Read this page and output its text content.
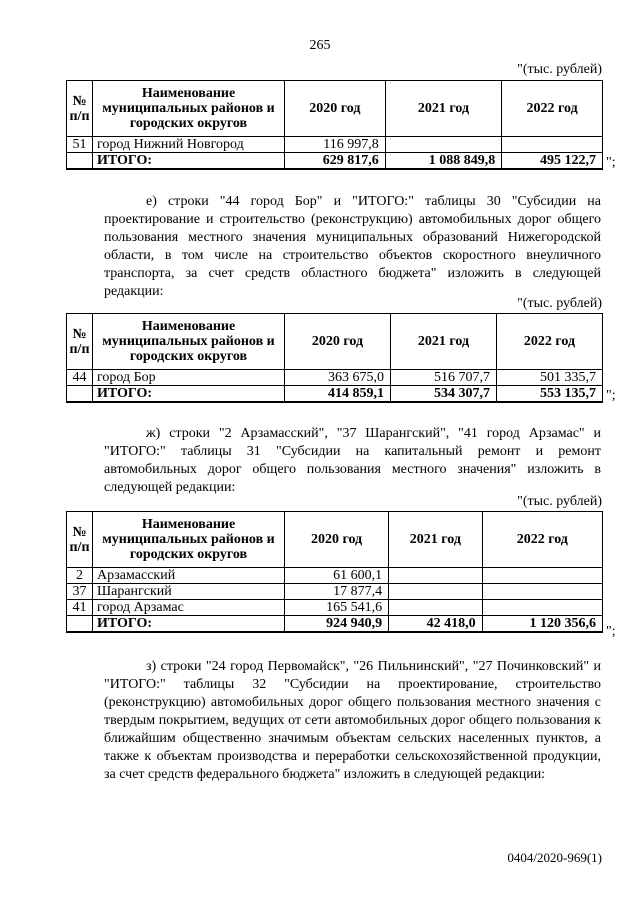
265
"(тыс. рублей)
№ п/п	Наименование муниципальных районов и городских округов	2020 год	2021 год	2022 год
51	город Нижний Новгород	116 997,8		
	ИТОГО:	629 817,6	1 088 849,8	495 122,7 ";

е) строки "44 город Бор" и "ИТОГО:" таблицы 30 "Субсидии на проектирование и строительство (реконструкцию) автомобильных дорог общего пользования местного значения муниципальных образований Нижегородской области, в том числе на строительство объектов скоростного внеуличного транспорта, за счет средств областного бюджета" изложить в следующей редакции:

"(тыс. рублей)
№ п/п	Наименование муниципальных районов и городских округов	2020 год	2021 год	2022 год
44	город Бор	363 675,0	516 707,7	501 335,7
	ИТОГО:	414 859,1	534 307,7	553 135,7 ";

ж) строки "2 Арзамасский", "37 Шарангский", "41 город Арзамас" и "ИТОГО:" таблицы 31 "Субсидии на капитальный ремонт и ремонт автомобильных дорог общего пользования местного значения" изложить в следующей редакции:

"(тыс. рублей)
№ п/п	Наименование муниципальных районов и городских округов	2020 год	2021 год	2022 год
2	Арзамасский	61 600,1		
37	Шарангский	17 877,4		
41	город Арзамас	165 541,6		
	ИТОГО:	924 940,9	42 418,0	1 120 356,6
";

з) строки "24 город Первомайск", "26 Пильнинский", "27 Починковский" и "ИТОГО:" таблицы 32 "Субсидии на проектирование, строительство (реконструкцию) автомобильных дорог общего пользования местного значения с твердым покрытием, ведущих от сети автомобильных дорог общего пользования к ближайшим общественно значимым объектам сельских населенных пунктов, а также к объектам производства и переработки сельскохозяйственной продукции, за счет средств федерального бюджета" изложить в следующей редакции:

0404/2020-969(1)
